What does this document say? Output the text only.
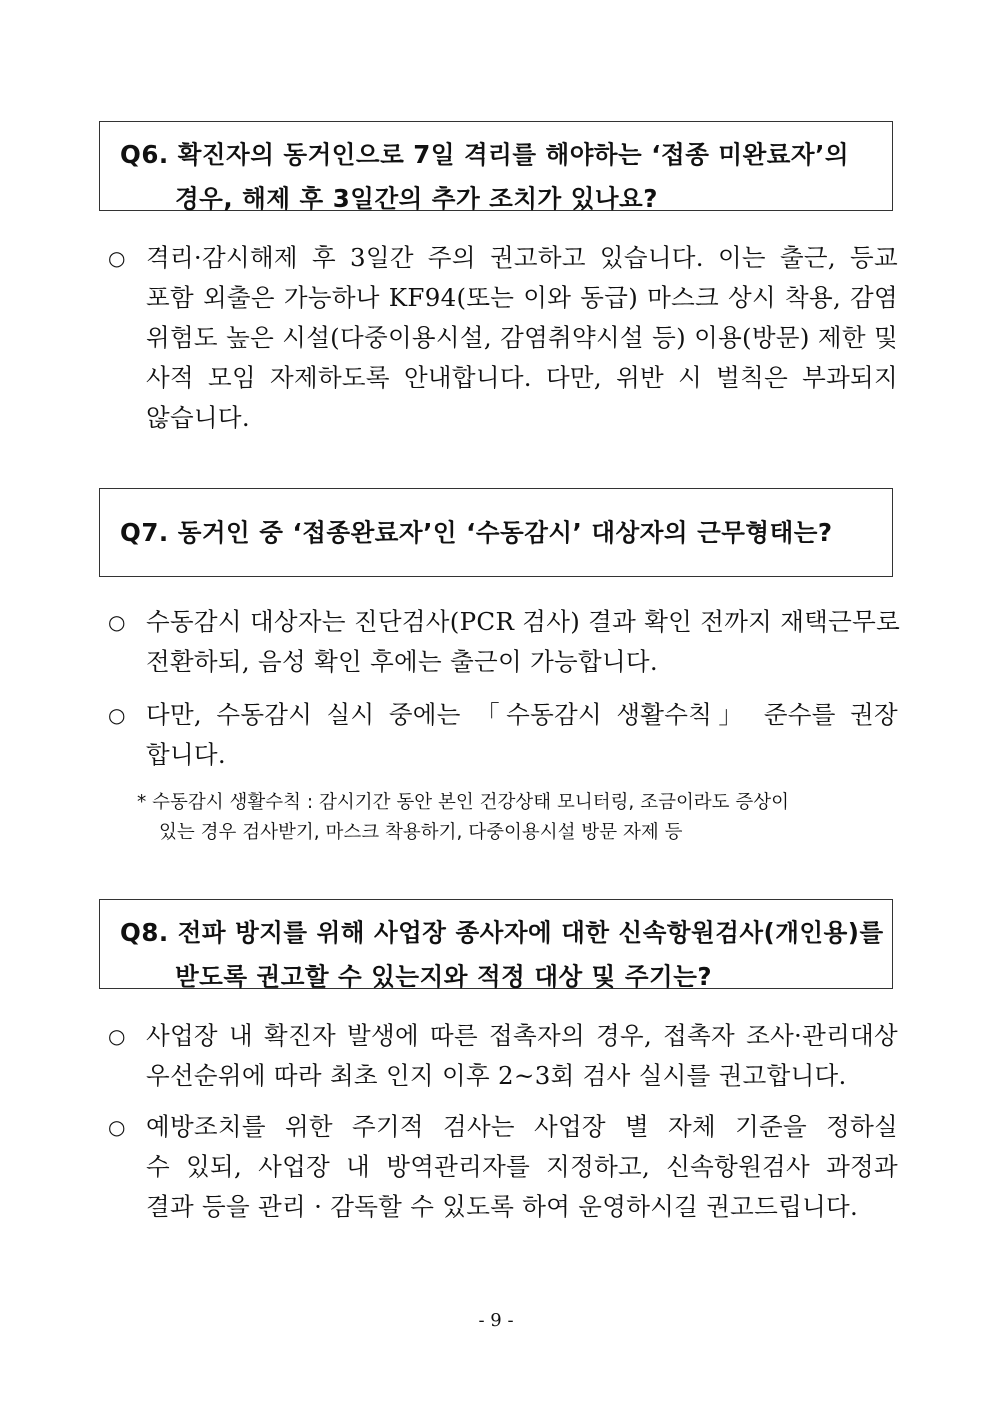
Q6. 확진자의 동거인으로 7일 격리를 해야하는 ‘접종 미완료자’의
경우, 해제 후 3일간의 추가 조치가 있나요?
○ 격리·감시해제 후 3일간 주의 권고하고 있습니다. 이는 출근, 등교
포함 외출은 가능하나 KF94(또는 이와 동급) 마스크 상시 착용, 감염
위험도 높은 시설(다중이용시설, 감염취약시설 등) 이용(방문) 제한 및
사적 모임 자제하도록 안내합니다. 다만, 위반 시 벌칙은 부과되지
않습니다.
Q7. 동거인 중 ‘접종완료자’인 ‘수동감시’ 대상자의 근무형태는?
○ 수동감시 대상자는 진단검사(PCR 검사) 결과 확인 전까지 재택근무로
전환하되, 음성 확인 후에는 출근이 가능합니다.
○ 다만, 수동감시 실시 중에는 「수동감시 생활수칙」 준수를 권장
합니다.
* 수동감시 생활수칙 : 감시기간 동안 본인 건강상태 모니터링, 조금이라도 증상이
있는 경우 검사받기, 마스크 착용하기, 다중이용시설 방문 자제 등
Q8. 전파 방지를 위해 사업장 종사자에 대한 신속항원검사(개인용)를
받도록 권고할 수 있는지와 적정 대상 및 주기는?
○ 사업장 내 확진자 발생에 따른 접촉자의 경우, 접촉자 조사·관리대상
우선순위에 따라 최초 인지 이후 2~3회 검사 실시를 권고합니다.
○ 예방조치를 위한 주기적 검사는 사업장 별 자체 기준을 정하실
수 있되, 사업장 내 방역관리자를 지정하고, 신속항원검사 과정과
결과 등을 관리 · 감독할 수 있도록 하여 운영하시길 권고드립니다.
- 9 -
